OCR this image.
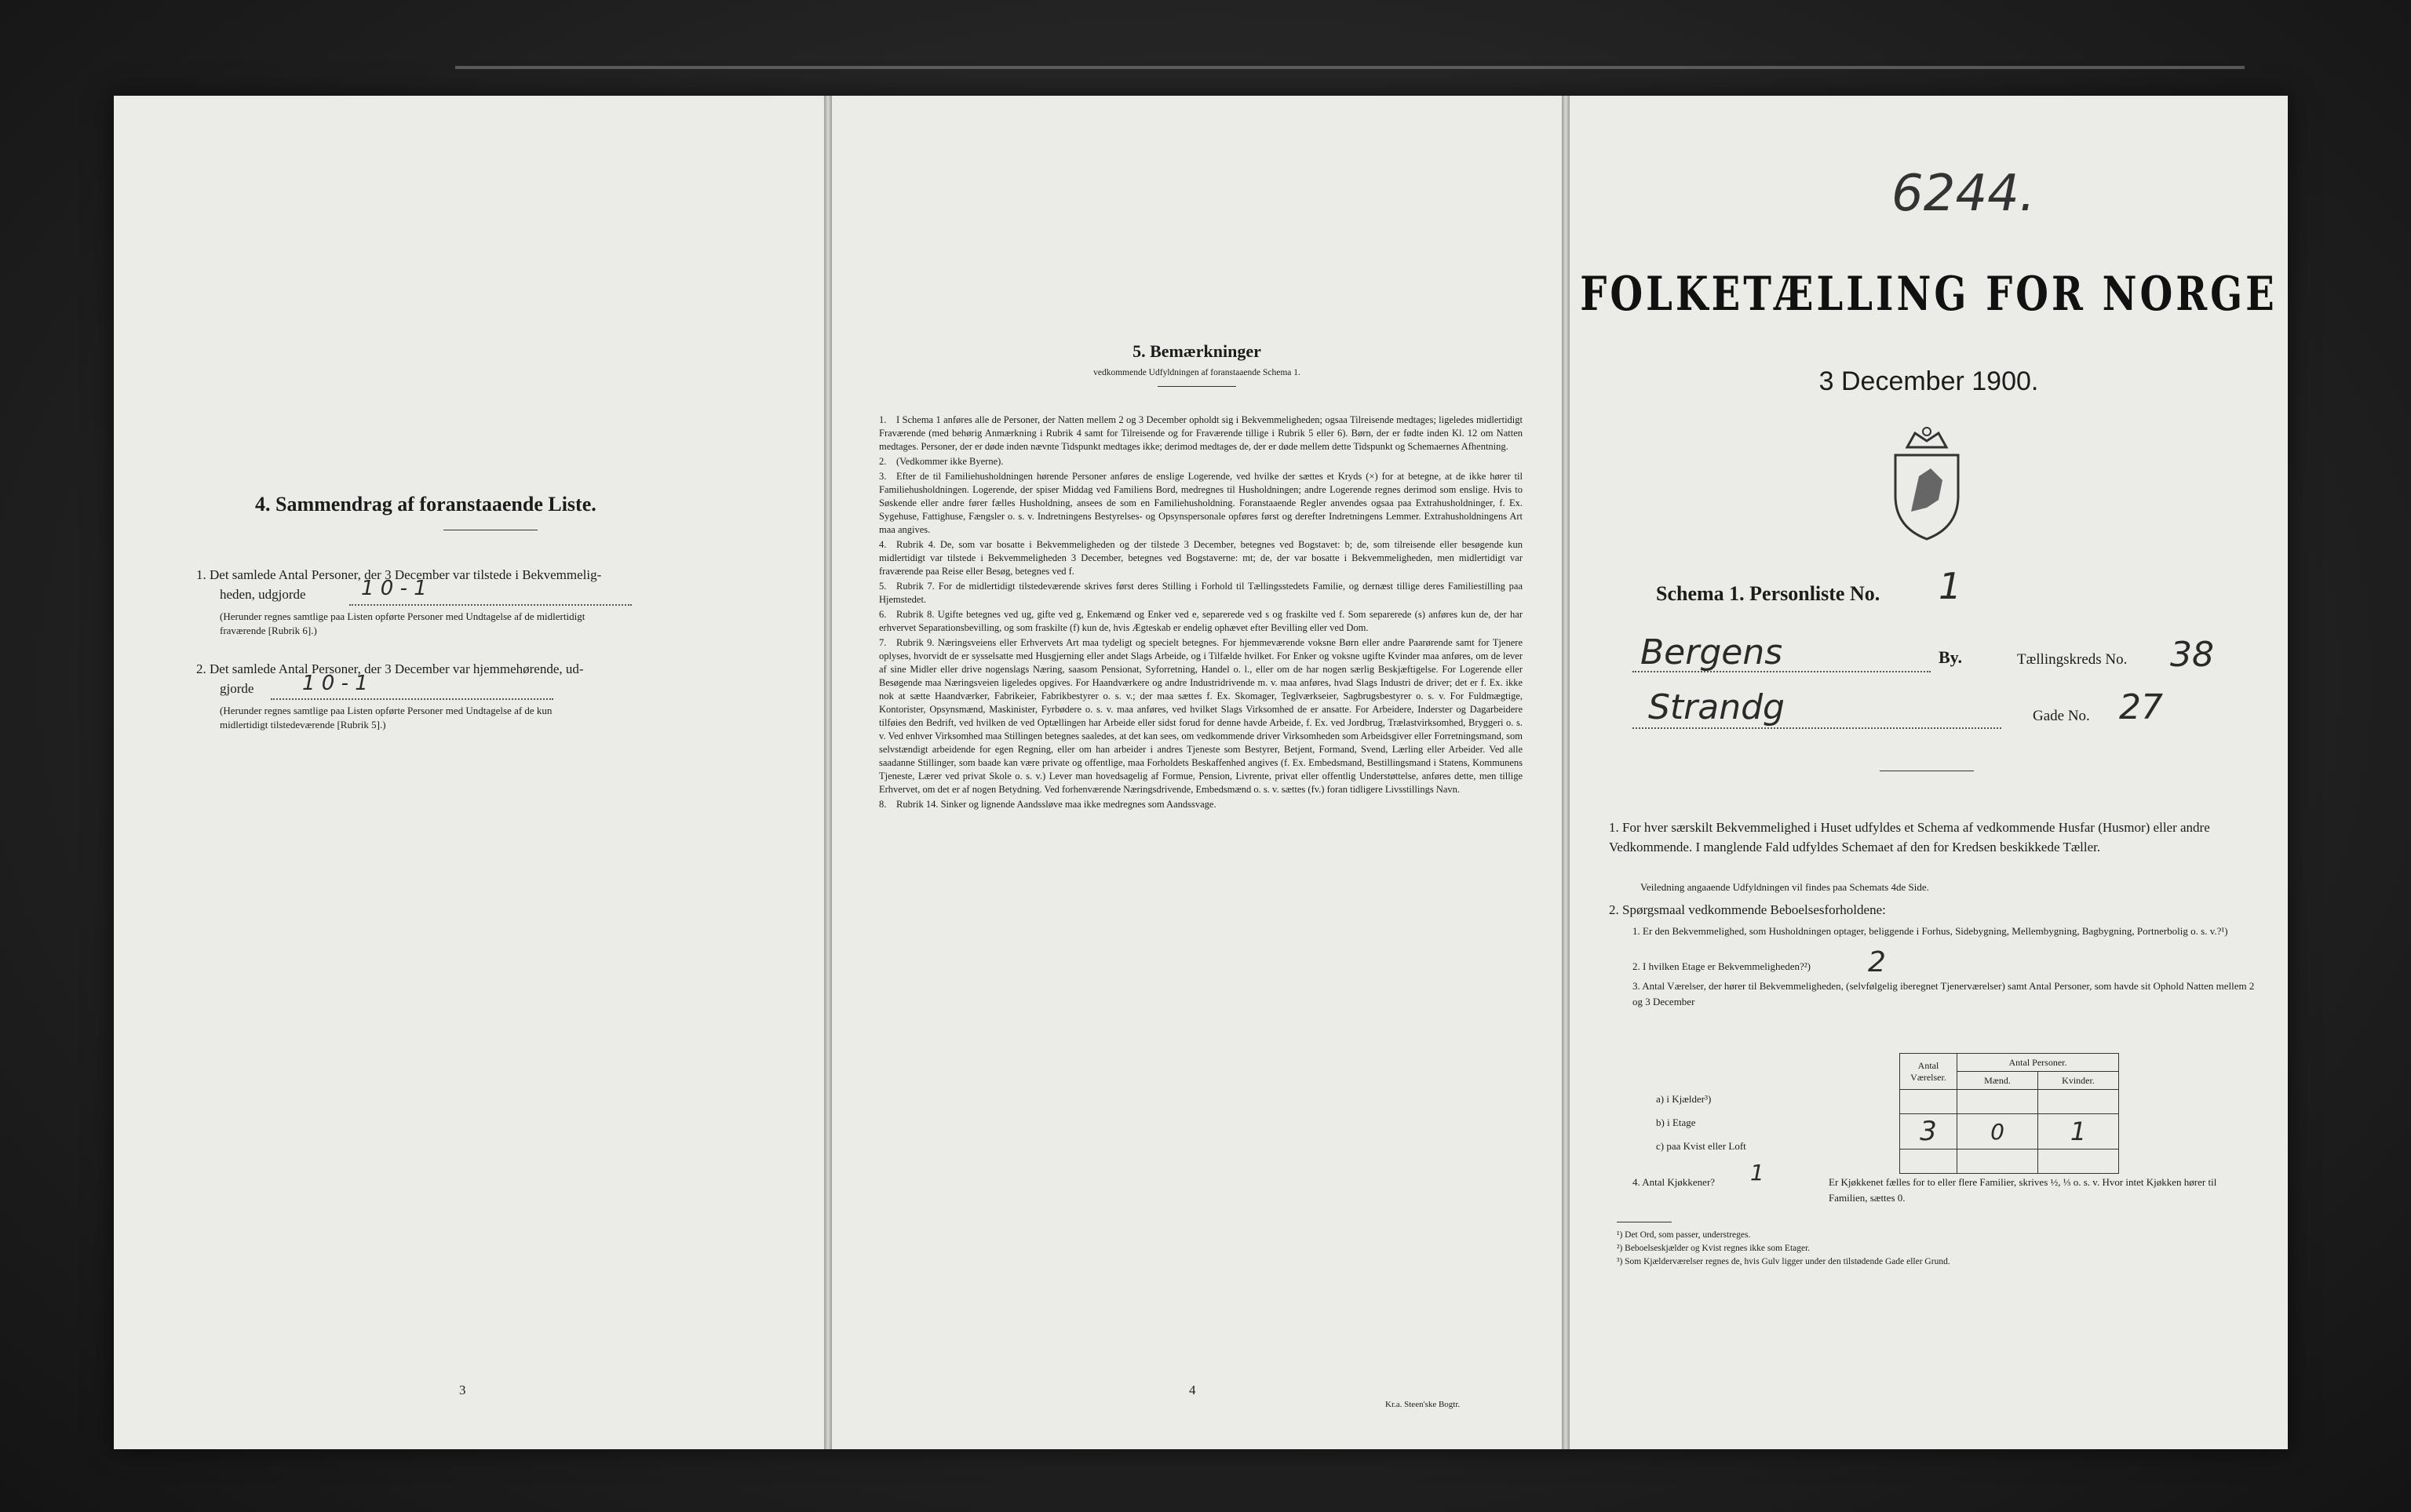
4. Sammendrag af foranstaaende Liste.
1. Det samlede Antal Personer, der 3 December var tilstede i Bekvemmelig-
heden, udgjorde	1 0 - 1
(Herunder regnes samtlige paa Listen opførte Personer med Undtagelse af de midlertidigt
fraværende [Rubrik 6].)
2. Det samlede Antal Personer, der 3 December var hjemmehørende, ud-
gjorde 1 0 - 1
(Herunder regnes samtlige paa Listen opførte Personer med Undtagelse af de kun
midlertidigt tilstedeværende [Rubrik 5].)
3
5. Bemærkninger
vedkommende Udfyldningen af foranstaaende Schema 1.
1. I Schema 1 anføres alle de Personer, der Natten mellem 2 og 3 December opholdt sig i Bekvemmeligheden; ogsaa Tilreisende medtages; ligeledes midlertidigt Fraværende (med behørig Anmærkning i Rubrik 4 samt for Tilreisende og for Fraværende tillige i Rubrik 5 eller 6). Børn, der er fødte inden Kl. 12 om Natten medtages. Personer, der er døde inden nævnte Tidspunkt medtages ikke; derimod medtages de, der er døde mellem dette Tidspunkt og Schemaernes Afhentning.
2. (Vedkommer ikke Byerne).
3. Efter de til Familiehusholdningen hørende Personer anføres de enslige Logerende, ved hvilke der sættes et Kryds (×) for at betegne, at de ikke hører til Familiehusholdningen. Logerende, der spiser Middag ved Familiens Bord, medregnes til Husholdningen; andre Logerende regnes derimod som enslige. Hvis to Søskende eller andre fører fælles Husholdning, ansees de som en Familiehusholdning. Foranstaaende Regler anvendes ogsaa paa Extrahusholdninger, f. Ex. Sygehuse, Fattighuse, Fængsler o. s. v. Indretningens Bestyrelses- og Opsynspersonale opføres først og derefter Indretningens Lemmer. Extrahusholdningens Art maa angives.
4. Rubrik 4. De, som var bosatte i Bekvemmeligheden og der tilstede 3 December, betegnes ved Bogstavet: b; de, som tilreisende eller besøgende kun midlertidigt var tilstede i Bekvemmeligheden 3 December, betegnes ved Bogstaverne: mt; de, der var bosatte i Bekvemmeligheden, men midlertidigt var fraværende paa Reise eller Besøg, betegnes ved f.
5. Rubrik 7. For de midlertidigt tilstedeværende skrives først deres Stilling i Forhold til Tællingsstedets Familie, og dernæst tillige deres Familiestilling paa Hjemstedet.
6. Rubrik 8. Ugifte betegnes ved ug, gifte ved g, Enkemænd og Enker ved e, separerede ved s og fraskilte ved f. Som separerede (s) anføres kun de, der har erhvervet Separationsbevilling, og som fraskilte (f) kun de, hvis Ægteskab er endelig ophævet efter Bevilling eller ved Dom.
7. Rubrik 9. Næringsveiens eller Erhvervets Art maa tydeligt og specielt betegnes. For hjemmeværende voksne Børn eller andre Paarørende samt for Tjenere oplyses, hvorvidt de er sysselsatte med Husgjerning eller andet Slags Arbeide, og i Tilfælde hvilket. For Enker og voksne ugifte Kvinder maa anføres, om de lever af sine Midler eller drive nogenslags Næring, saasom Pensionat, Syforretning, Handel o. l., eller om de har nogen særlig Beskjæftigelse. For Logerende eller Besøgende maa Næringsveien ligeledes opgives. For Haandværkere og andre Industridrivende m. v. maa anføres, hvad Slags Industri de driver; det er f. Ex. ikke nok at sætte Haandværker, Fabrikeier, Fabrikbestyrer o. s. v.; der maa sættes f. Ex. Skomager, Teglværkseier, Sagbrugsbestyrer o. s. v. For Fuldmægtige, Kontorister, Opsynsmænd, Maskinister, Fyrbødere o. s. v. maa anføres, ved hvilket Slags Virksomhed de er ansatte. For Arbeidere, Inderster og Dagarbeidere tilføies den Bedrift, ved hvilken de ved Optællingen har Arbeide eller sidst forud for denne havde Arbeide, f. Ex. ved Jordbrug, Trælastvirksomhed, Bryggeri o. s. v. Ved enhver Virksomhed maa Stillingen betegnes saaledes, at det kan sees, om vedkommende driver Virksomheden som Arbeidsgiver eller Forretningsmand, som selvstændigt arbeidende for egen Regning, eller om han arbeider i andres Tjeneste som Bestyrer, Betjent, Formand, Svend, Lærling eller Arbeider. Ved alle saadanne Stillinger, som baade kan være private og offentlige, maa Forholdets Beskaffenhed angives (f. Ex. Embedsmand, Bestillingsmand i Statens, Kommunens Tjeneste, Lærer ved privat Skole o. s. v.) Lever man hovedsagelig af Formue, Pension, Livrente, privat eller offentlig Understøttelse, anføres dette, men tillige Erhvervet, om det er af nogen Betydning. Ved forhenværende Næringsdrivende, Embedsmænd o. s. v. sættes (fv.) foran tidligere Livsstillings Navn.
8. Rubrik 14. Sinker og lignende Aandssløve maa ikke medregnes som Aandssvage.
4
Kr.a. Steen'ske Bogtr.
6244.
FOLKETÆLLING FOR NORGE
3 December 1900.
Schema 1. Personliste No. 1
Bergens	By.	Tællingskreds No. 38
Strandg	Gade No. 27
1. For hver særskilt Bekvemmelighed i Huset udfyldes et Schema af vedkommende Husfar (Husmor) eller andre Vedkommende. I manglende Fald udfyldes Schemaet af den for Kredsen beskikkede Tæller.
Veiledning angaaende Udfyldningen vil findes paa Schemats 4de Side.
2. Spørgsmaal vedkommende Beboelsesforholdene:
1. Er den Bekvemmelighed, som Husholdningen optager, beliggende i Forhus, Sidebygning, Mellembygning, Bagbygning, Portnerbolig o. s. v.?¹)
2. I hvilken Etage er Bekvemmeligheden?²)	2
3. Antal Værelser, der hører til Bekvemmeligheden, (selvfølgelig iberegnet Tjenerværelser) samt Antal Personer, som havde sit Ophold Natten mellem 2 og 3 December
a) i Kjælder³)
b) i Etage
c) paa Kvist eller Loft
Antal Værelser.	Antal Personer.	
	Mænd.	Kvinder.

3	0	1

4. Antal Kjøkkener?	1	Er Kjøkkenet fælles for to eller flere Familier, skrives ½, ⅓ o. s. v. Hvor intet Kjøkken hører til Familien, sættes 0.
¹) Det Ord, som passer, understreges.
²) Beboelseskjælder og Kvist regnes ikke som Etager.
³) Som Kjælderværelser regnes de, hvis Gulv ligger under den tilstødende Gade eller Grund.
